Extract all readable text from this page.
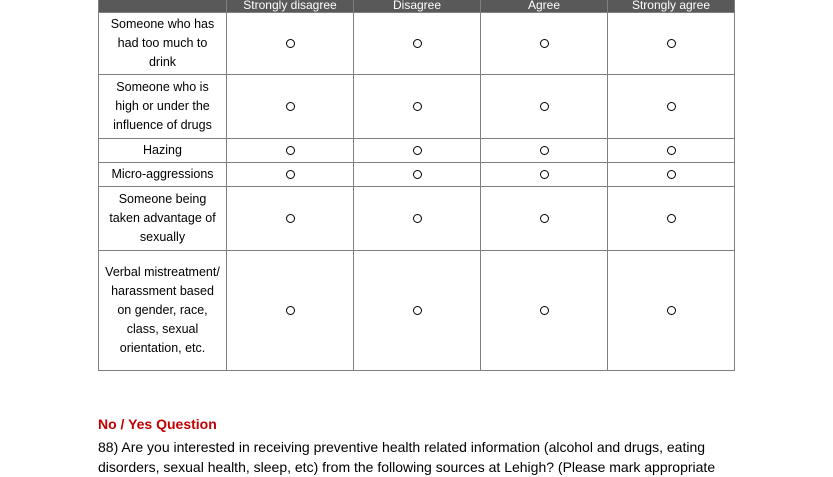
	Strongly disagree	Disagree	Agree	Strongly agree
Someone who has had too much to drink				
Someone who is high or under the influence of drugs				
Hazing				
Micro-aggressions				
Someone being taken advantage of sexually				
Verbal mistreatment/ harassment based on gender, race, class, sexual orientation, etc.				
No / Yes Question

88) Are you interested in receiving preventive health related information (alcohol and drugs, eating disorders, sexual health, sleep, etc) from the following sources at Lehigh? (Please mark appropriate
